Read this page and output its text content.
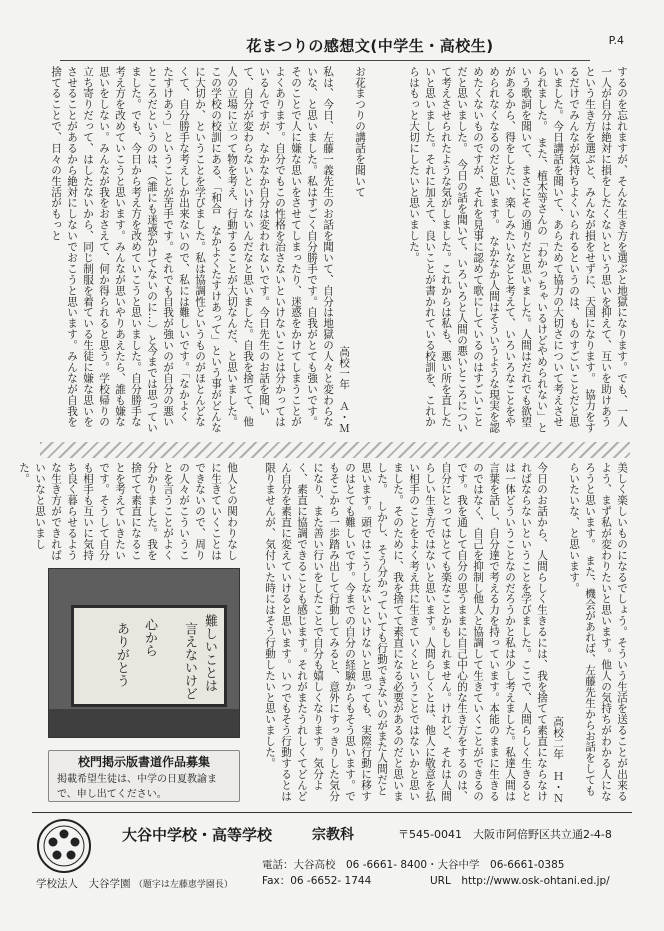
花まつりの感想文(中学生・高校生)	P.4

するのを忘れますが、そんな生き方を選ぶと地獄になります。でも、一人一人が自分は絶対に損をしたくないという思いを抑えて、互いを助けあうという生き方を選ぶと、みんなが損をせずに、天国になります。　協力をするだけでみんなが気持ちよくいられるというのは、ものすごいことだと思いました。今日講話を聞いて、あらためて協力の大切さについて考えさせられました。　また、植木等さんの「わかっちゃいるけどやめられない」という歌詞を聞いて、まさにその通りだと思いました。人間はだれでも欲望があるから、得をしたい、楽しみたいなどと考えて、いろいろなことをやめられなくなるのだと思います。　なかなか人間はそういうような現実を認めたくないものですが、それを見事に認めて歌にしているのはすごいことだと思いました。　今日の話を聞いて、いろいろと人間の悪いところについて考えさせられたような気がしました。これからは私も、悪い所を直したいと思いました。それに加えて、良いことが書かれている校訓を、これからはもっと大切にしたいと思いました。

お花まつりの講話を聞いて

高校一年　Ａ・Ｍ

私は、今日、左藤一義先生のお話を聞いて、自分は地獄の人々と変わらないな、と思いました。私はすごく自分勝手です。自我がとても強いです。そのことで人に嫌な思いをさせてしまったり、迷惑をかけてしまうことがよくあります。自分でもこの性格を治さないといけないことは分かってはいるんですが、なかなか自分は変われないです。今日先生のお話を聞いて、自分が変わらないといけないんだなと思いました。自我を捨てて、他人の立場に立って物を考え、行動することが大切なんだ、と思いました。この学校の校訓にある、「和合　なかよくたすけあって」という事がどんなに大切か、ということを学びました。私は協調性というものがほとんどなくて、自分勝手な考えしか出来ないので、私には難しいです。「なかよく　たすけあう」ということが苦手です。それでも自我が強いのが自分の悪いところだというのは、（誰にも迷惑かけてないのに…）と今までは思っていました。でも、今日から考え方を改めていこうと思いました。自分勝手な考え方を改めていこうと思います。みんなが思いやりあえたら、誰も嫌な思いをしない。みんなが我をおさえて、何か得られると思う。学校帰りの立ち寄りだって、はしたないから、同じ制服を着ている生徒に嫌な思いをさせることがあるから絶対にしないでおこうと思います。みんなが自我を捨てることで、日々の生活がもっと

美しく楽しいものになるでしょう。そういう生活を送ることが出来るよう、まず私が変わりたいと思います。他人の気持ちがわかる人になろうと思います。　また、機会があれば、左藤先生からお話をしてもらいたいな、と思います。

高校二年　Ｈ・Ｎ

今日のお話から、人間らしく生きるには、我を捨てて素直にならなければならないということを学びました。ここで、人間らしく生きるとは一体どういうことなのだろうかと私は少し考えました。私達人間は言葉を話し、自分達で考える力を持っています。本能のままに生きるのではなく、自己を抑制し他人と協調して生きていくことができるのです。我を通して自分の思うままに自己中心的な生き方をするのは、自分にとってはとても楽なことかもしれません。けれど、それは人間らしい生き方ではないと思います。人間らしくとは、他人に敬意を払い相手のことをよく考え共に生きていくということではないかと思いました。そのために、我を捨てて素直になる必要があるのだと思いました。　しかし、そう分かっていても行動できないのがまた人間だと思います。頭ではこうしないといけないと思っても、実際行動に移すのはとても難しいです。今までの自分の経験からもそう思います。でもそこから一歩踏み出して行動してみると、意外にすっきりした気分になり、また善い行いをしたことで自分も嬉しくなります。気分よく、素直に協調できることも感じます。それがまたうれしくてどんどん自分を素直に変えていけると思います。いつでもそう行動するとは限りませんが、気付いた時にはそう行動したいと思いました。

他人との関わりなしに生きていくことはできないので、周りの人々がこういうことを言うことがよく分かりました。我を捨てて素直になることを考えていきたいです。そうして自分も相手も互いに気持ち良く暮らせるような生き方ができればいいなと思いました。

難しいことは
言えないけど
心から
ありがとう
校門掲示版書道作品募集
掲載希望生徒は、中学の日夏教諭まで、申し出てください。
大谷中学校・高等学校	宗教科	〒545-0041　大阪市阿倍野区共立通2-4-8
電話：大谷高校　06 -6661- 8400・大谷中学　06-6661-0385
Fax：06 -6652- 1744	URL　http://www.osk-ohtani.ed.jp/
学校法人　大谷学園 （題字は左藤恵学園長）
